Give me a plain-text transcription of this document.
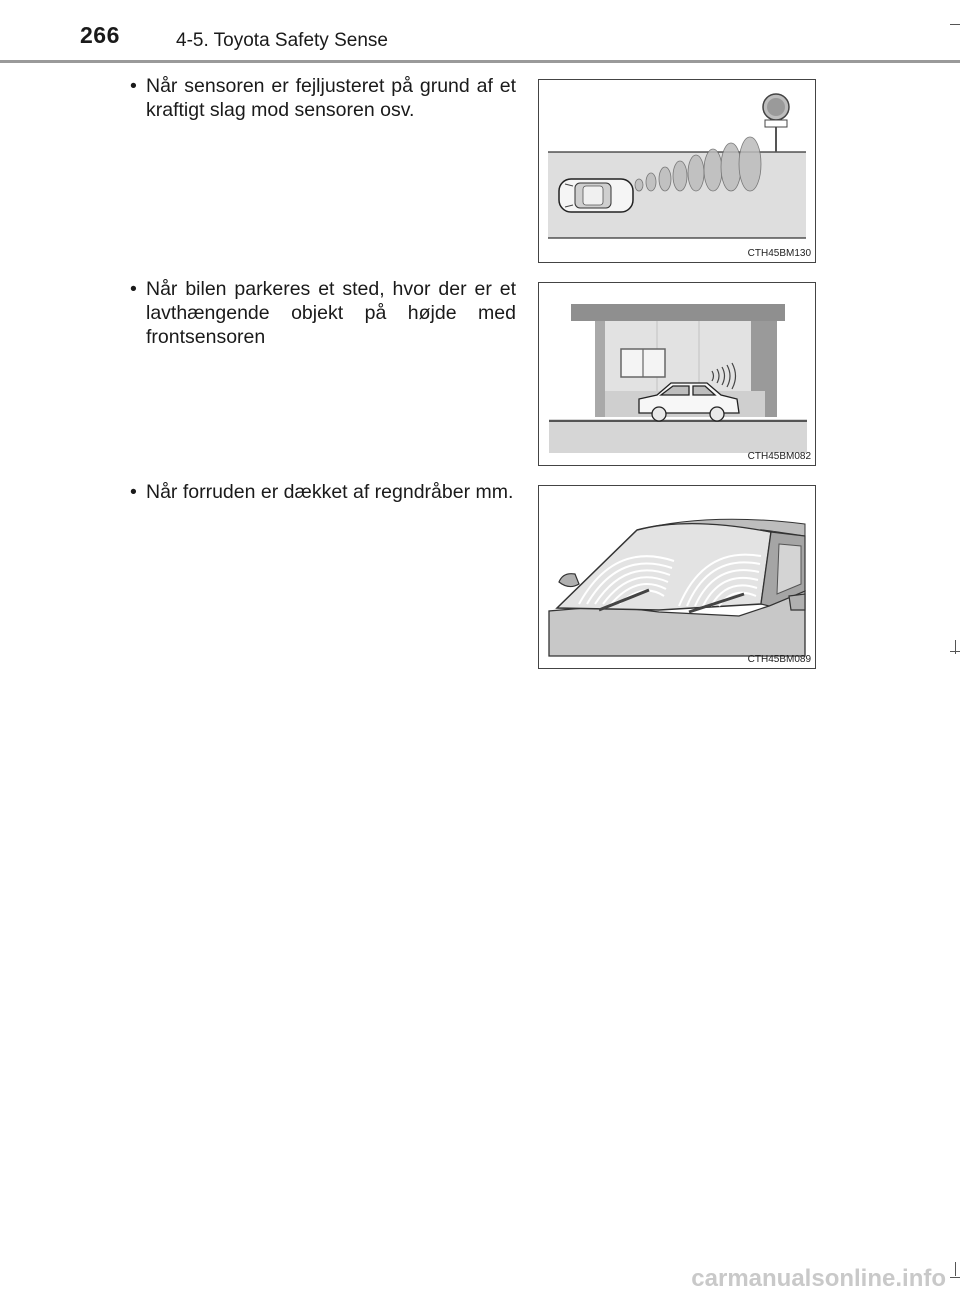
266	4-5. Toyota Safety Sense
• Når sensoren er fejljusteret på grund af et kraftigt slag mod sensoren osv.
CTH45BM130
• Når bilen parkeres et sted, hvor der er et lavthængende objekt på højde med frontsensoren
CTH45BM082
• Når forruden er dækket af regndråber mm.
CTH45BM089
carmanualsonline.info
